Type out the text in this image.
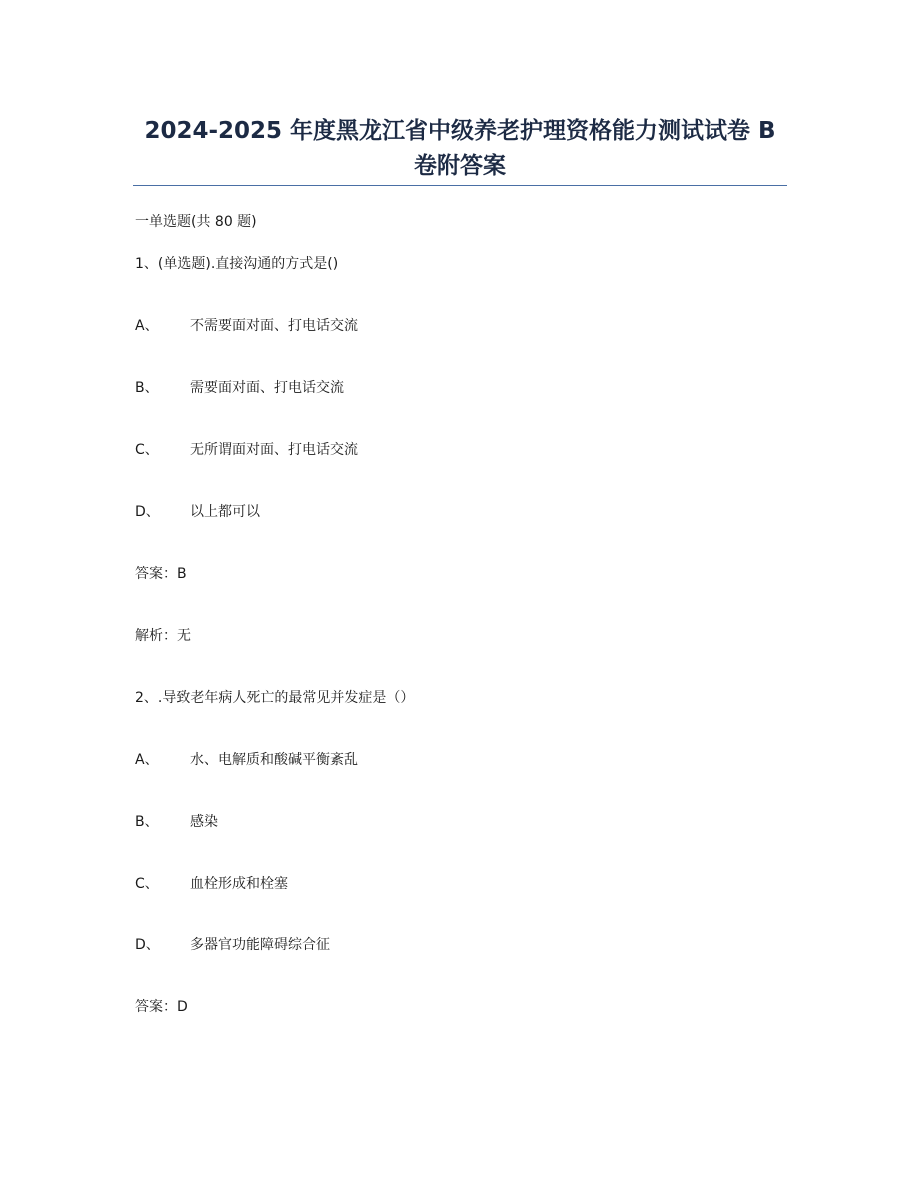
2024-2025 年度黑龙江省中级养老护理资格能力测试试卷 B
卷附答案
一单选题(共 80 题)
1、(单选题).直接沟通的方式是()
A、 不需要面对面、打电话交流
B、 需要面对面、打电话交流
C、 无所谓面对面、打电话交流
D、 以上都可以
答案：B
解析：无
2、.导致老年病人死亡的最常见并发症是（）
A、 水、电解质和酸碱平衡紊乱
B、 感染
C、 血栓形成和栓塞
D、 多器官功能障碍综合征
答案：D
